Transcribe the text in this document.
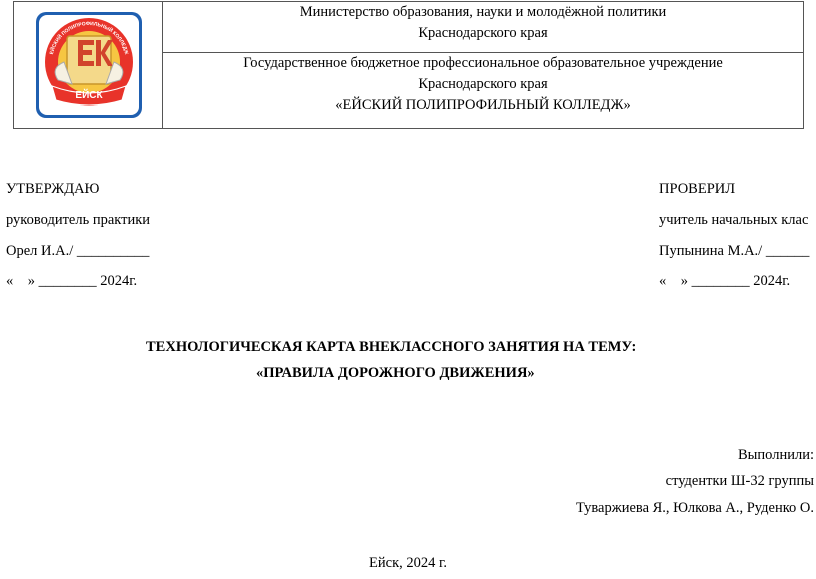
ЕЙСК
ЕЙСКИЙ ПОЛИПРОФИЛЬНЫЙ КОЛЛЕДЖ

Министерство образования, науки и молодёжной политики
Краснодарского края

Государственное бюджетное профессиональное образовательное учреждение
Краснодарского края
«ЕЙСКИЙ ПОЛИПРОФИЛЬНЫЙ КОЛЛЕДЖ»
УТВЕРЖДАЮ
руководитель практики
Орел И.А./ __________
«    » ________ 2024г.
ПРОВЕРИЛ
учитель начальных клас
Пупынина М.А./ ______
«    » ________ 2024г.
ТЕХНОЛОГИЧЕСКАЯ КАРТА ВНЕКЛАССНОГО ЗАНЯТИЯ НА ТЕМУ:
«ПРАВИЛА ДОРОЖНОГО ДВИЖЕНИЯ»
Выполнили:
студентки Ш-32 группы
Туваржиева Я., Юлкова А., Руденко О.
Ейск, 2024 г.
